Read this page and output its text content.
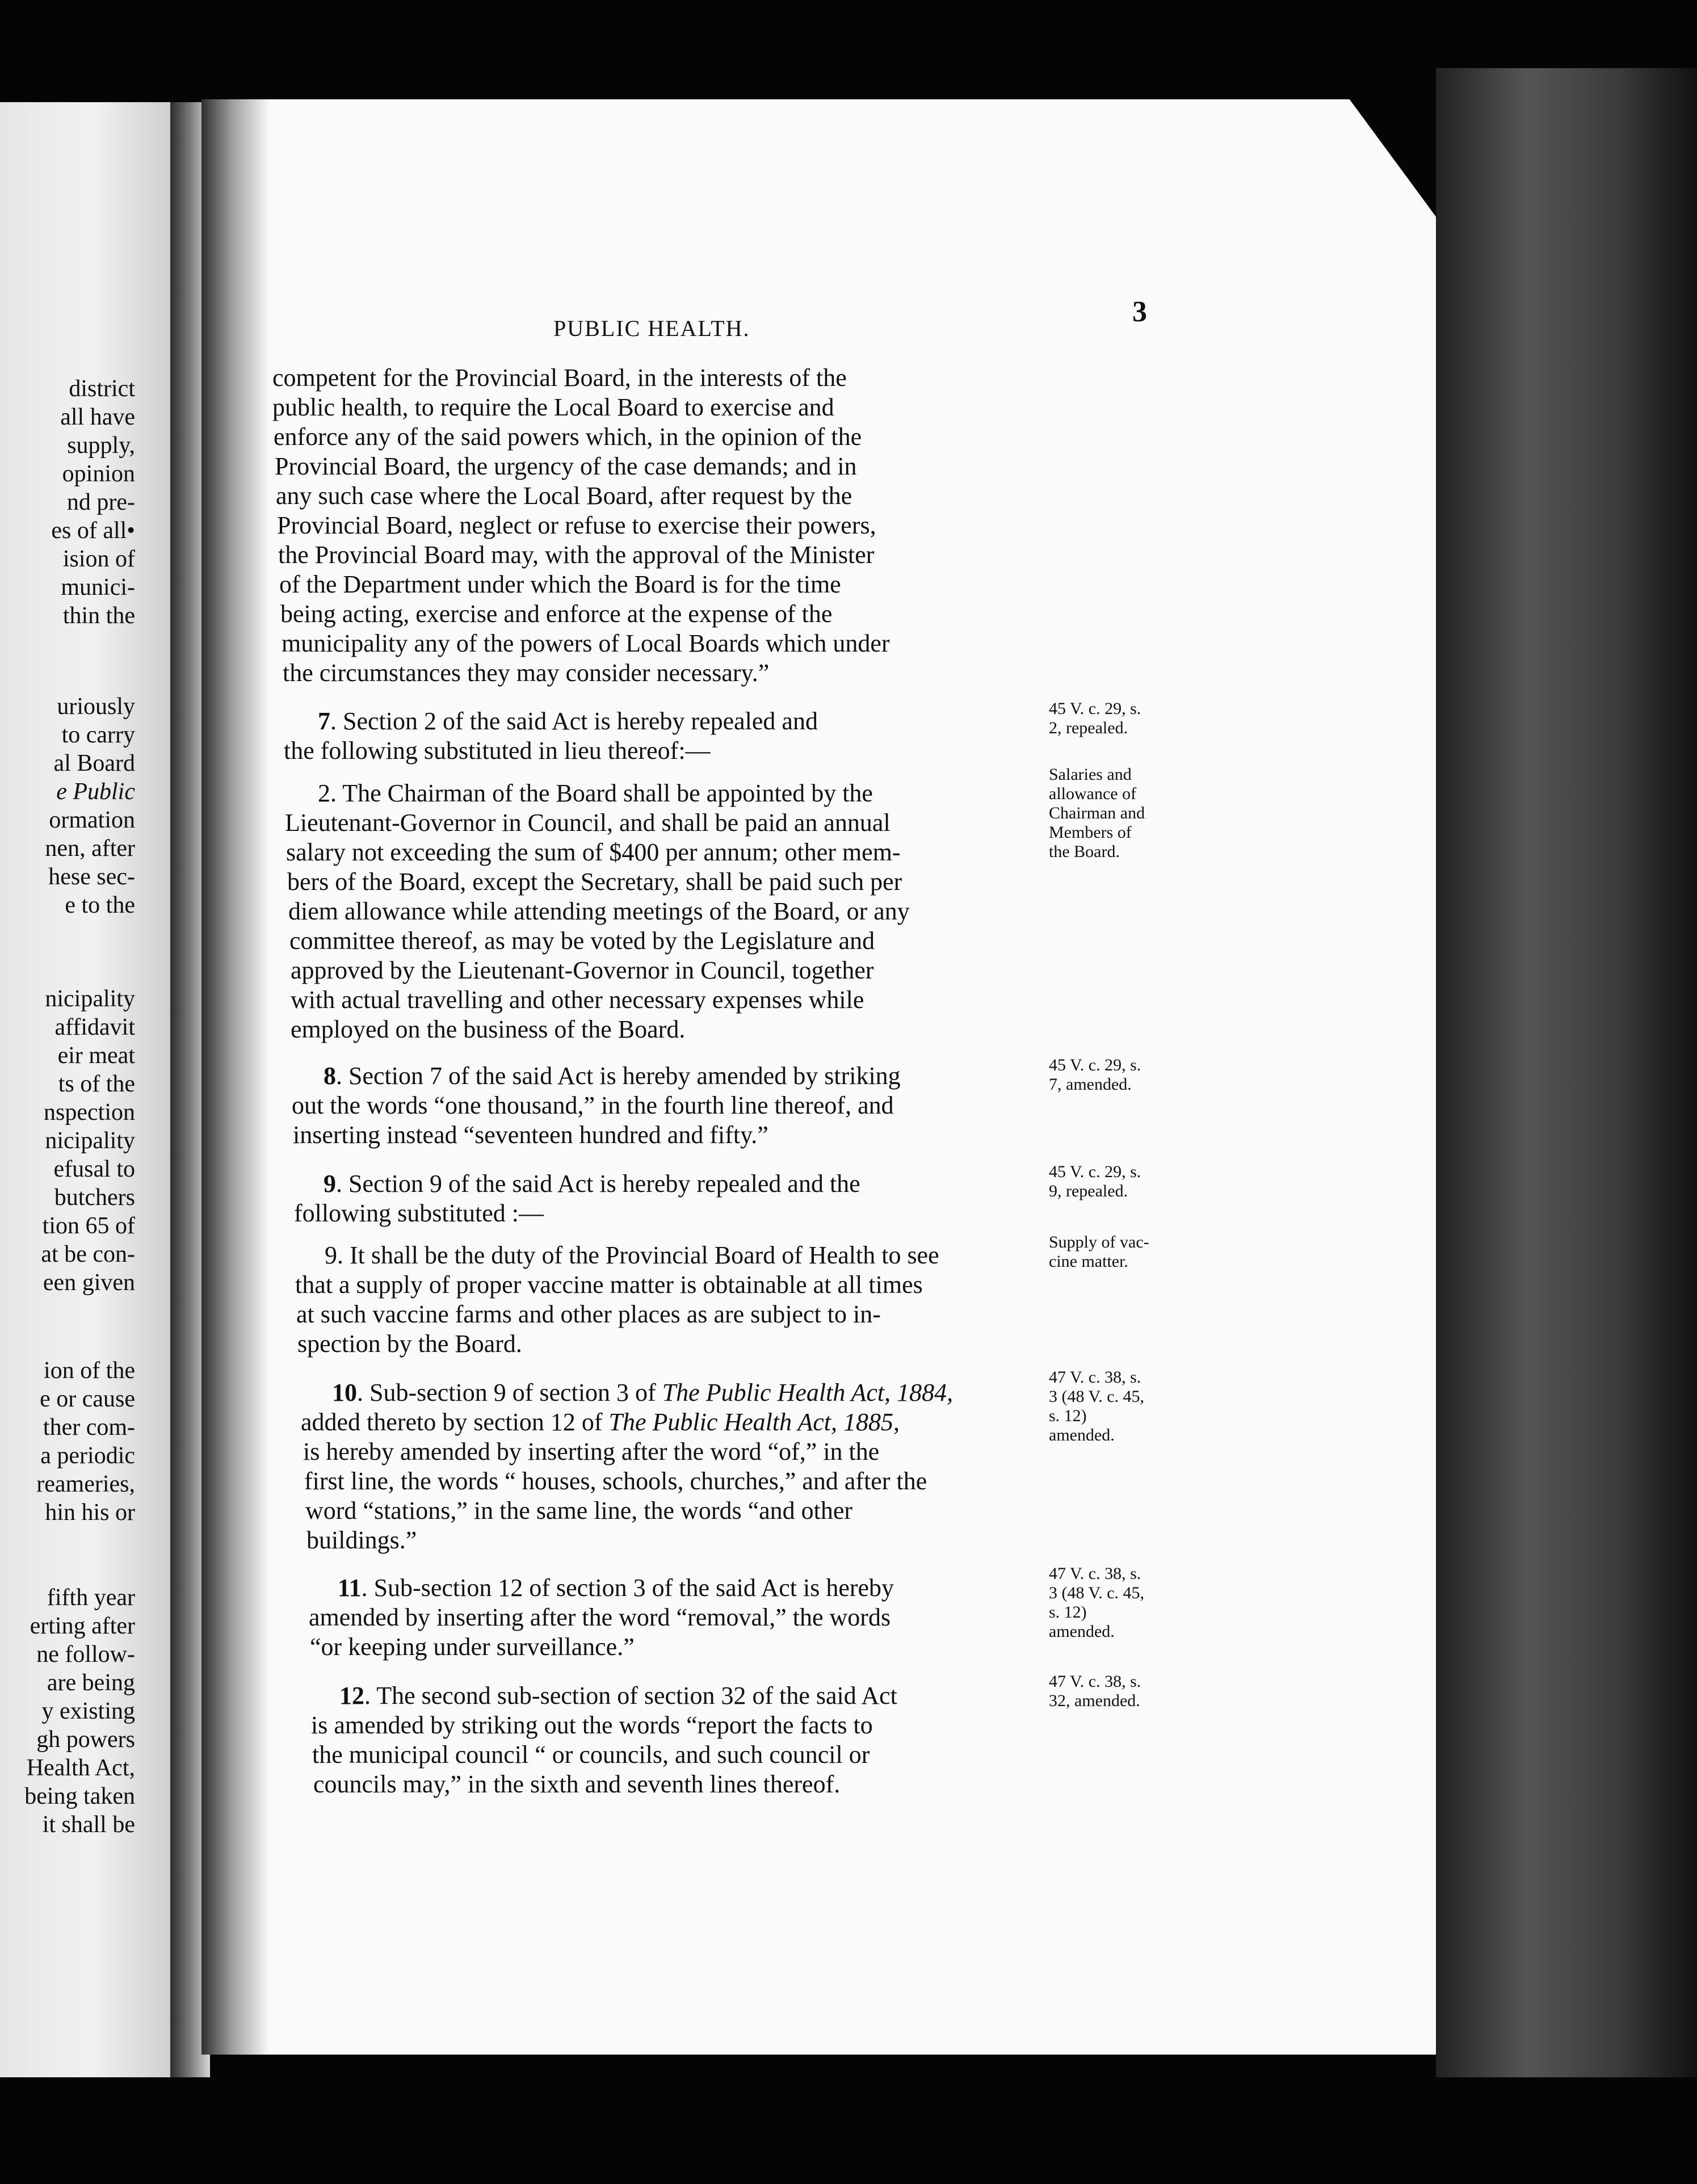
district
all have
supply,
opinion
nd pre-
es of all•
ision of
munici-
thin the
uriously
to carry
al Board
e Public
ormation
nen, after
hese sec-
e to the
nicipality
affidavit
eir meat
ts of the
nspection
nicipality
efusal to
butchers
tion 65 of
at be con-
een given
ion of the
e or cause
ther com-
a periodic
reameries,
hin his or
fifth year
erting after
ne follow-
are being
y existing
gh powers
Health Act,
being taken
it shall be
PUBLIC HEALTH.
3
competent for the Provincial Board, in the interests of the
public health, to require the Local Board to exercise and
enforce any of the said powers which, in the opinion of the
Provincial Board, the urgency of the case demands; and in
any such case where the Local Board, after request by the
Provincial Board, neglect or refuse to exercise their powers,
the Provincial Board may, with the approval of the Minister
of the Department under which the Board is for the time
being acting, exercise and enforce at the expense of the
municipality any of the powers of Local Boards which under
the circumstances they may consider necessary.”
7. Section 2 of the said Act is hereby repealed and
the following substituted in lieu thereof:—
45 V. c. 29, s.
2, repealed.
2. The Chairman of the Board shall be appointed by the
Lieutenant-Governor in Council, and shall be paid an annual
salary not exceeding the sum of $400 per annum; other mem-
bers of the Board, except the Secretary, shall be paid such per
diem allowance while attending meetings of the Board, or any
committee thereof, as may be voted by the Legislature and
approved by the Lieutenant-Governor in Council, together
with actual travelling and other necessary expenses while
employed on the business of the Board.
Salaries and
allowance of
Chairman and
Members of
the Board.
8. Section 7 of the said Act is hereby amended by striking
out the words “one thousand,” in the fourth line thereof, and
inserting instead “seventeen hundred and fifty.”
45 V. c. 29, s.
7, amended.
9. Section 9 of the said Act is hereby repealed and the
following substituted :—
45 V. c. 29, s.
9, repealed.
9. It shall be the duty of the Provincial Board of Health to see
that a supply of proper vaccine matter is obtainable at all times
at such vaccine farms and other places as are subject to in-
spection by the Board.
Supply of vac-
cine matter.
10. Sub-section 9 of section 3 of The Public Health Act, 1884,
added thereto by section 12 of The Public Health Act, 1885,
is hereby amended by inserting after the word “of,” in the
first line, the words “ houses, schools, churches,” and after the
word “stations,” in the same line, the words “and other
buildings.”
47 V. c. 38, s.
3 (48 V. c. 45,
s. 12)
amended.
11. Sub-section 12 of section 3 of the said Act is hereby
amended by inserting after the word “removal,” the words
“or keeping under surveillance.”
47 V. c. 38, s.
3 (48 V. c. 45,
s. 12)
amended.
12. The second sub-section of section 32 of the said Act
is amended by striking out the words “report the facts to
the municipal council “ or councils, and such council or
councils may,” in the sixth and seventh lines thereof.
47 V. c. 38, s.
32, amended.
